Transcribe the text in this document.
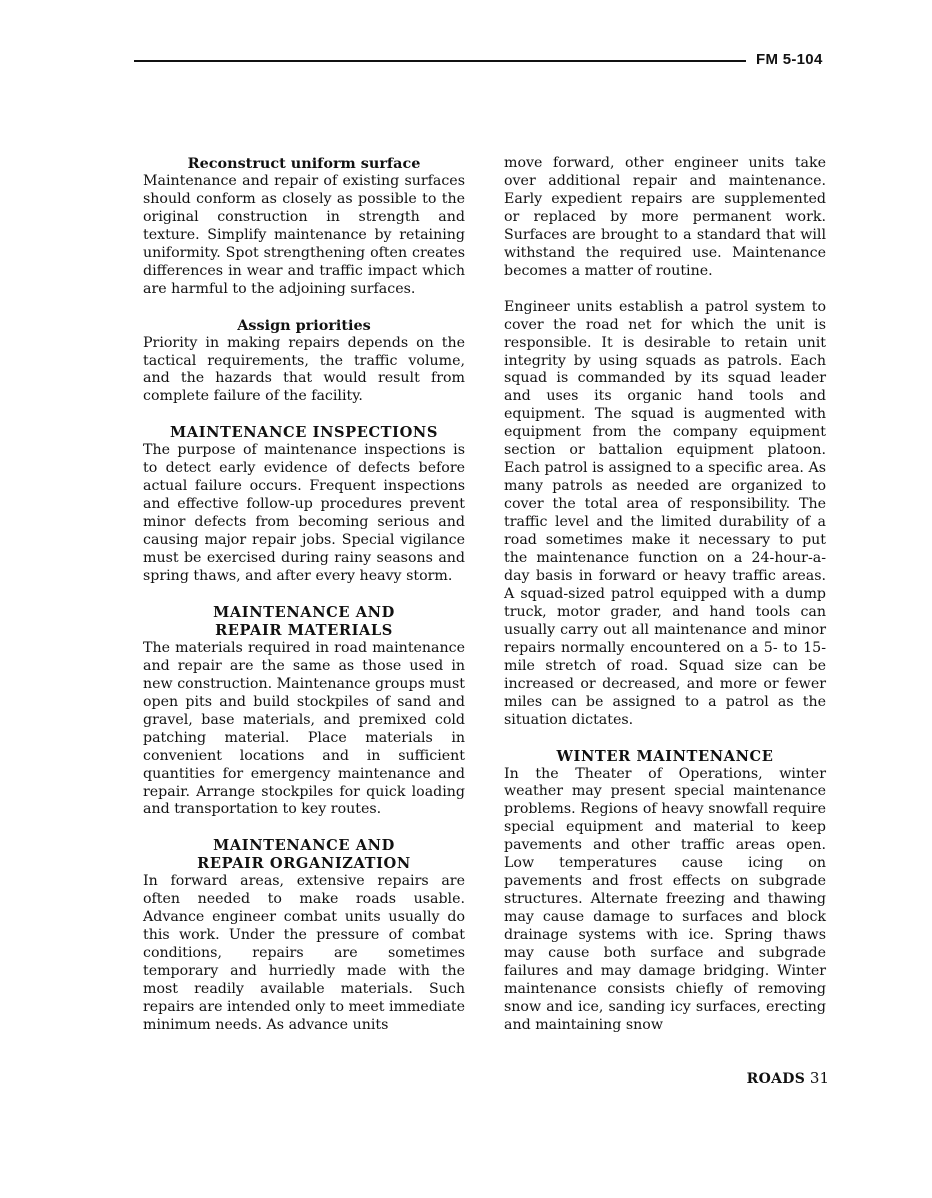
FM 5-104
Reconstruct uniform surface

Maintenance and repair of existing surfaces should conform as closely as possible to the original construction in strength and texture. Simplify maintenance by retaining uniformity. Spot strengthening often creates differences in wear and traffic impact which are harmful to the adjoining surfaces.

Assign priorities

Priority in making repairs depends on the tactical requirements, the traffic volume, and the hazards that would result from complete failure of the facility.

MAINTENANCE INSPECTIONS

The purpose of maintenance inspections is to detect early evidence of defects before actual failure occurs. Frequent inspections and effective follow-up procedures prevent minor defects from becoming serious and causing major repair jobs. Special vigilance must be exercised during rainy seasons and spring thaws, and after every heavy storm.

MAINTENANCE AND
REPAIR MATERIALS

The materials required in road maintenance and repair are the same as those used in new construction. Maintenance groups must open pits and build stockpiles of sand and gravel, base materials, and premixed cold patching material. Place materials in convenient locations and in sufficient quantities for emergency maintenance and repair. Arrange stockpiles for quick loading and transportation to key routes.

MAINTENANCE AND
REPAIR ORGANIZATION

In forward areas, extensive repairs are often needed to make roads usable. Advance engineer combat units usually do this work. Under the pressure of combat conditions, repairs are sometimes temporary and hurriedly made with the most readily available materials. Such repairs are intended only to meet immediate minimum needs. As advance units

move forward, other engineer units take over additional repair and maintenance. Early expedient repairs are supplemented or replaced by more permanent work. Surfaces are brought to a standard that will withstand the required use. Maintenance becomes a matter of routine.

Engineer units establish a patrol system to cover the road net for which the unit is responsible. It is desirable to retain unit integrity by using squads as patrols. Each squad is commanded by its squad leader and uses its organic hand tools and equipment. The squad is augmented with equipment from the company equipment section or battalion equipment platoon. Each patrol is assigned to a specific area. As many patrols as needed are organized to cover the total area of responsibility. The traffic level and the limited durability of a road sometimes make it necessary to put the maintenance function on a 24-hour-a-day basis in forward or heavy traffic areas. A squad-sized patrol equipped with a dump truck, motor grader, and hand tools can usually carry out all maintenance and minor repairs normally encountered on a 5- to 15-mile stretch of road. Squad size can be increased or decreased, and more or fewer miles can be assigned to a patrol as the situation dictates.

WINTER MAINTENANCE

In the Theater of Operations, winter weather may present special maintenance problems. Regions of heavy snowfall require special equipment and material to keep pavements and other traffic areas open. Low temperatures cause icing on pavements and frost effects on subgrade structures. Alternate freezing and thawing may cause damage to surfaces and block drainage systems with ice. Spring thaws may cause both surface and subgrade failures and may damage bridging. Winter maintenance consists chiefly of removing snow and ice, sanding icy surfaces, erecting and maintaining snow

ROADS 31
